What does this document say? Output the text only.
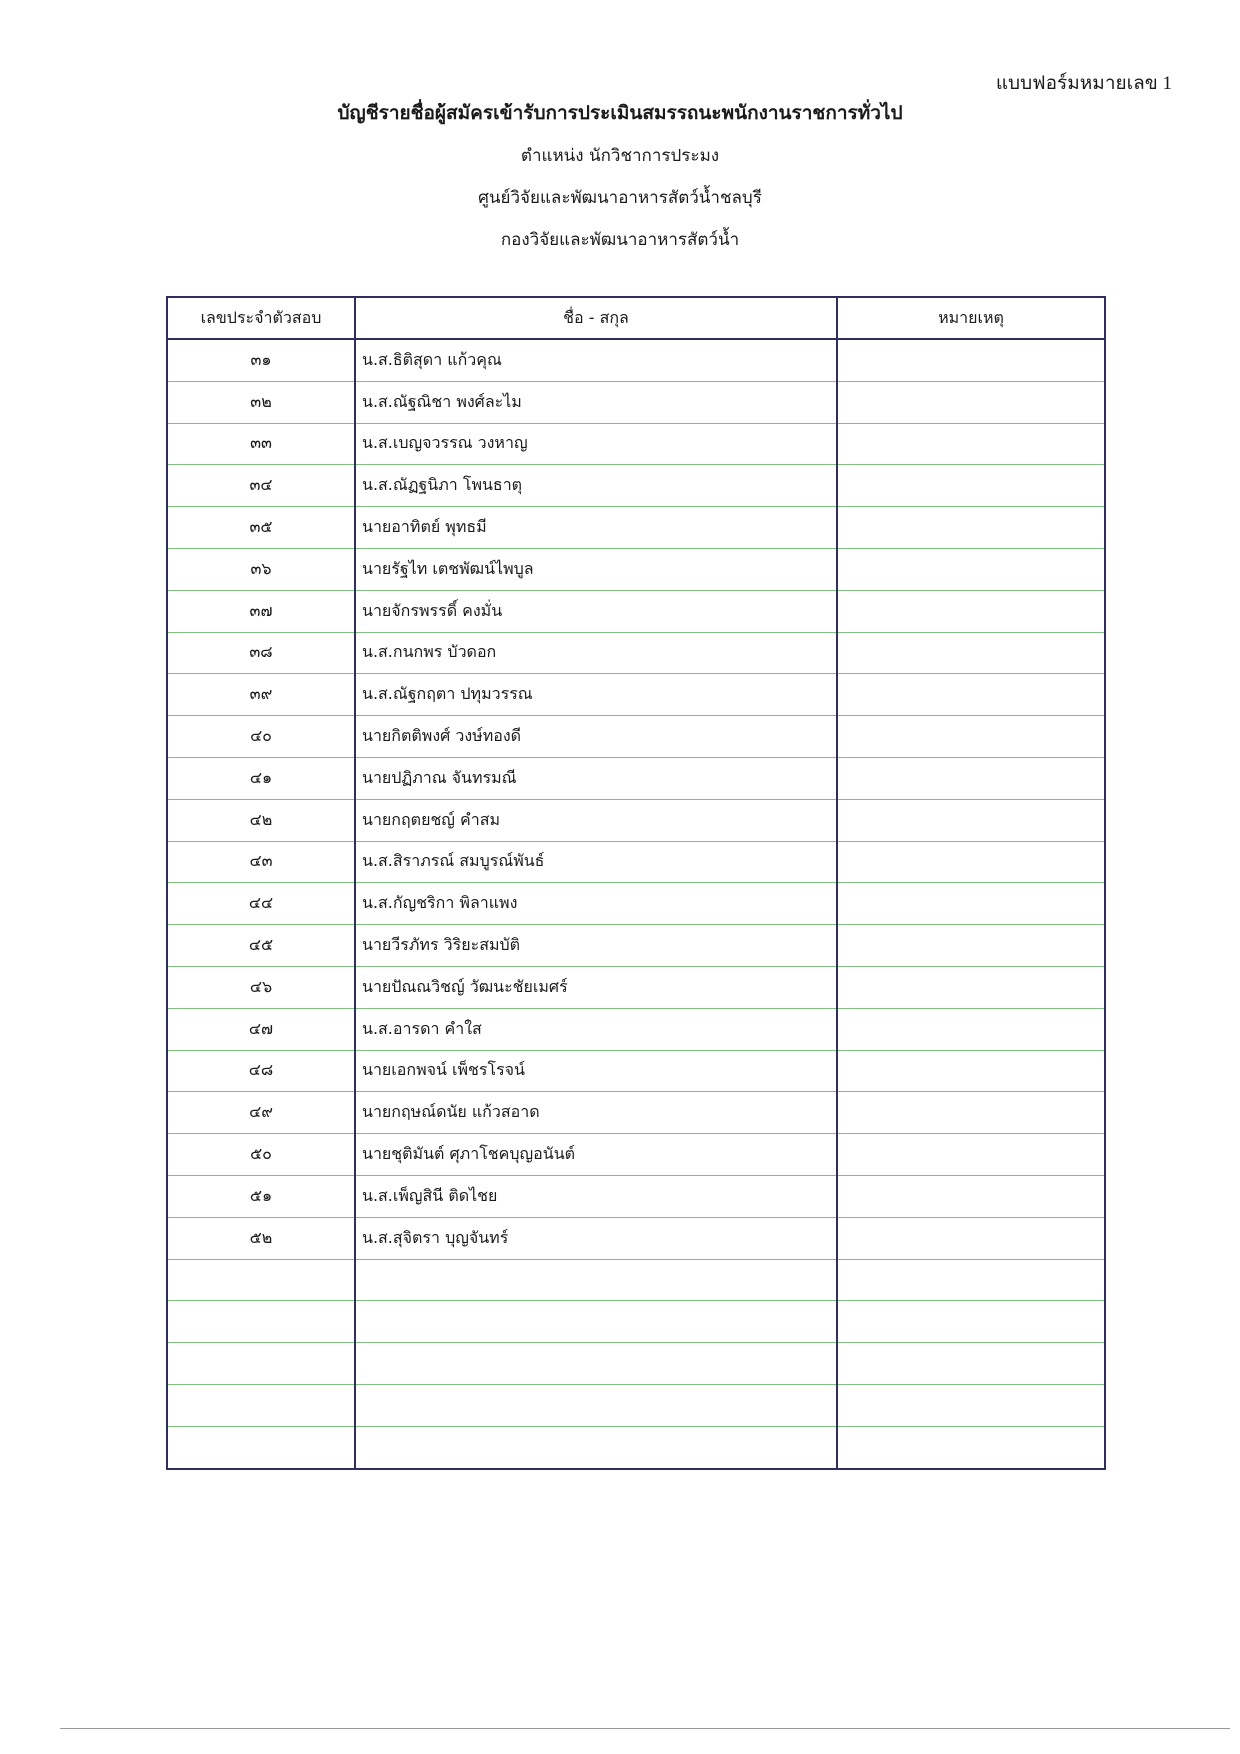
แบบฟอร์มหมายเลข 1
บัญชีรายชื่อผู้สมัครเข้ารับการประเมินสมรรถนะพนักงานราชการทั่วไป
ตำแหน่ง นักวิชาการประมง
ศูนย์วิจัยและพัฒนาอาหารสัตว์น้ำชลบุรี
กองวิจัยและพัฒนาอาหารสัตว์น้ำ
เลขประจำตัวสอบ	ชื่อ - สกุล	หมายเหตุ
๓๑	น.ส.ธิติสุดา แก้วคุณ	
๓๒	น.ส.ณัฐณิชา พงศ์ละไม	
๓๓	น.ส.เบญจวรรณ วงหาญ	
๓๔	น.ส.ณัฏฐนิภา โพนธาตุ	
๓๕	นายอาทิตย์ พุทธมี	
๓๖	นายรัฐไท เตชพัฒน์ไพบูล	
๓๗	นายจักรพรรดิ์ คงมั่น	
๓๘	น.ส.กนกพร บัวดอก	
๓๙	น.ส.ณัฐกฤตา ปทุมวรรณ	
๔๐	นายกิตติพงศ์ วงษ์ทองดี	
๔๑	นายปฏิภาณ จันทรมณี	
๔๒	นายกฤตยชญ์ คำสม	
๔๓	น.ส.สิราภรณ์ สมบูรณ์พันธ์	
๔๔	น.ส.กัญชริกา พิลาแพง	
๔๕	นายวีรภัทร วิริยะสมบัติ	
๔๖	นายปัณณวิชญ์ วัฒนะชัยเมศร์	
๔๗	น.ส.อารดา คำใส	
๔๘	นายเอกพจน์ เพ็ชรโรจน์	
๔๙	นายกฤษณ์ดนัย แก้วสอาด	
๕๐	นายชุติมันต์ ศุภาโชคบุญอนันต์	
๕๑	น.ส.เพ็ญสินี ติดไชย	
๕๒	น.ส.สุจิตรา บุญจันทร์	
